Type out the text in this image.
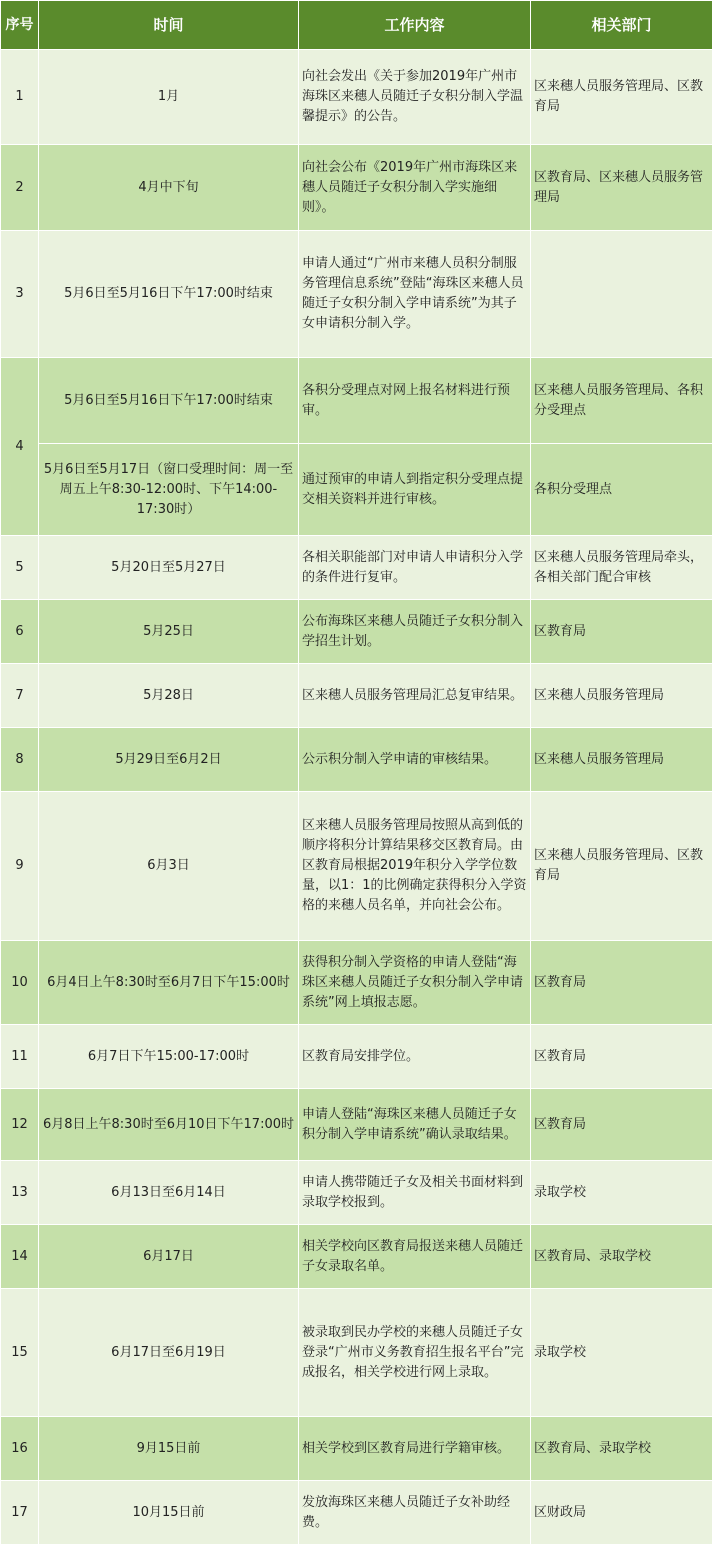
序号	时间	工作内容	相关部门
1	1月	向社会发出《关于参加2019年广州市海珠区来穗人员随迁子女积分制入学温馨提示》的公告。	区来穗人员服务管理局、区教育局
2	4月中下旬	向社会公布《2019年广州市海珠区来穗人员随迁子女积分制入学实施细则》。	区教育局、区来穗人员服务管理局
3	5月6日至5月16日下午17:00时结束	申请人通过“广州市来穗人员积分制服务管理信息系统”登陆“海珠区来穗人员随迁子女积分制入学申请系统”为其子女申请积分制入学。	
4	5月6日至5月16日下午17:00时结束	各积分受理点对网上报名材料进行预审。	区来穗人员服务管理局、各积分受理点
	5月6日至5月17日（窗口受理时间：周一至周五上午8:30-12:00时、下午14:00-17:30时）	通过预审的申请人到指定积分受理点提交相关资料并进行审核。	各积分受理点
5	5月20日至5月27日	各相关职能部门对申请人申请积分入学的条件进行复审。	区来穗人员服务管理局牵头，各相关部门配合审核
6	5月25日	公布海珠区来穗人员随迁子女积分制入学招生计划。	区教育局
7	5月28日	区来穗人员服务管理局汇总复审结果。	区来穗人员服务管理局
8	5月29日至6月2日	公示积分制入学申请的审核结果。	区来穗人员服务管理局
9	6月3日	区来穗人员服务管理局按照从高到低的顺序将积分计算结果移交区教育局。由区教育局根据2019年积分入学学位数量，以1：1的比例确定获得积分入学资格的来穗人员名单，并向社会公布。	区来穗人员服务管理局、区教育局
10	6月4日上午8:30时至6月7日下午15:00时	获得积分制入学资格的申请人登陆“海珠区来穗人员随迁子女积分制入学申请系统”网上填报志愿。	区教育局
11	6月7日下午15:00-17:00时	区教育局安排学位。	区教育局
12	6月8日上午8:30时至6月10日下午17:00时	申请人登陆“海珠区来穗人员随迁子女积分制入学申请系统”确认录取结果。	区教育局
13	6月13日至6月14日	申请人携带随迁子女及相关书面材料到录取学校报到。	录取学校
14	6月17日	相关学校向区教育局报送来穗人员随迁子女录取名单。	区教育局、录取学校
15	6月17日至6月19日	被录取到民办学校的来穗人员随迁子女登录“广州市义务教育招生报名平台”完成报名，相关学校进行网上录取。	录取学校
16	9月15日前	相关学校到区教育局进行学籍审核。	区教育局、录取学校
17	10月15日前	发放海珠区来穗人员随迁子女补助经费。	区财政局
